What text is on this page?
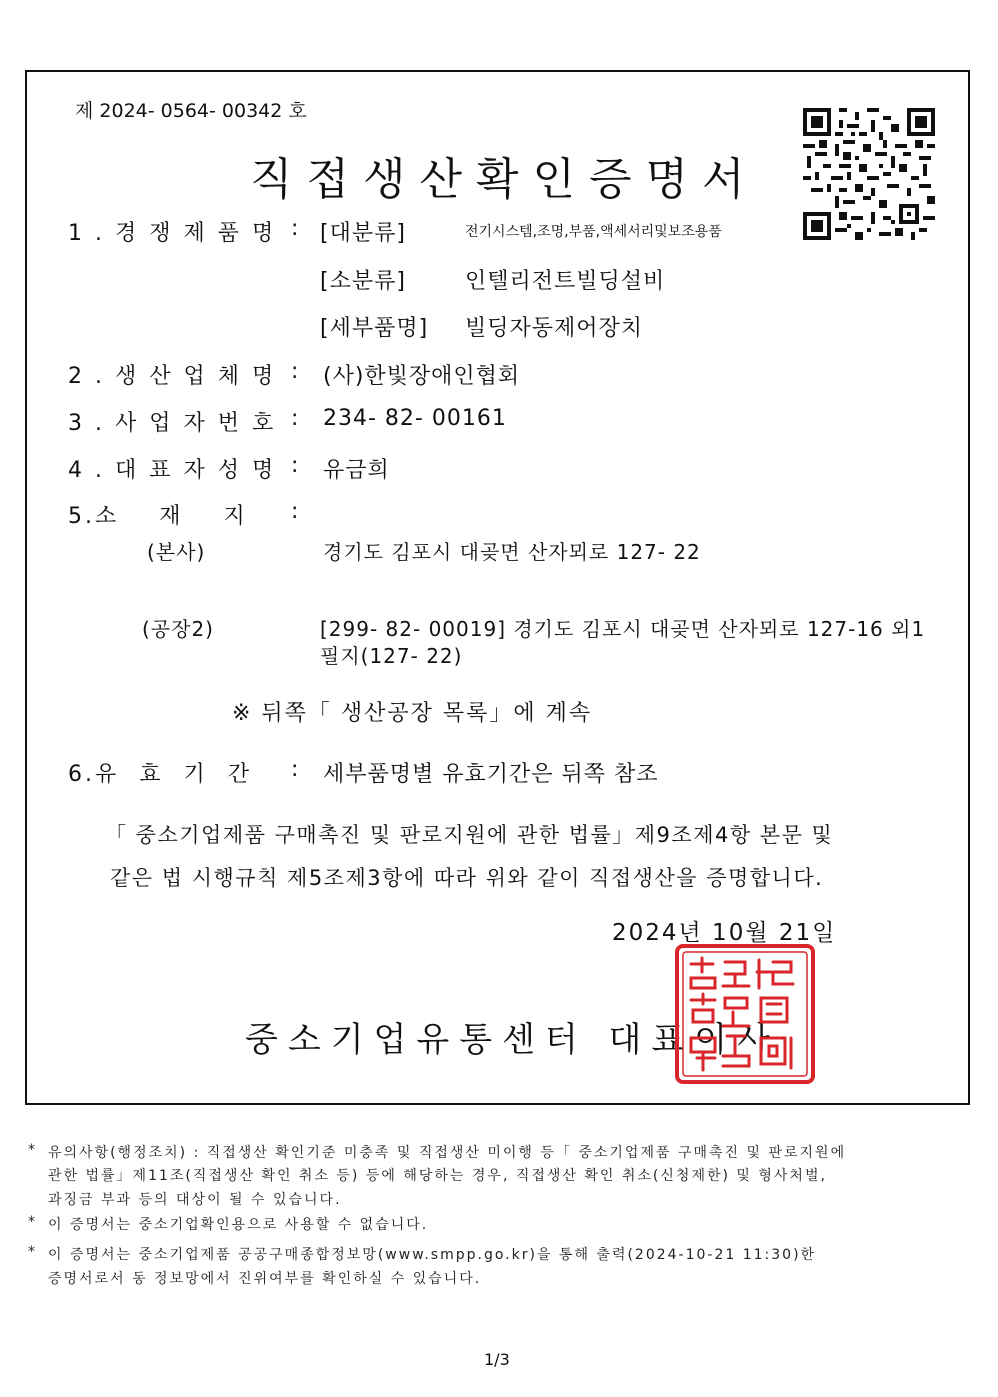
제 2024- 0564- 00342 호
직접생산확인증명서
1.경쟁제품명 : [대분류]	전기시스템,조명,부품,액세서리및보조용품
[소분류]	인텔리전트빌딩설비
[세부품명] 빌딩자동제어장치
2.생산업체명 : (사)한빛장애인협회
3.사업자번호 : 234- 82- 00161
4.대표자성명 : 유금희
5.소    재    지 :
(본사)	경기도 김포시 대곶면 산자뫼로 127- 22
(공장2)	[299- 82- 00019] 경기도 김포시 대곶면 산자뫼로 127-16 외1
필지(127- 22)
※ 뒤쪽「 생산공장 목록」에 계속
6.유  효  기  간 : 세부품명별 유효기간은 뒤쪽 참조
「 중소기업제품 구매촉진 및 판로지원에 관한 법률」제9조제4항 본문 및
같은 법 시행규칙 제5조제3항에 따라 위와 같이 직접생산을 증명합니다.
2024년 10월 21일
중소기업유통센터 대표이사
* 유의사항(행정조치) : 직접생산 확인기준 미충족 및 직접생산 미이행 등「 중소기업제품 구매촉진 및 판로지원에
관한 법률」제11조(직접생산 확인 취소 등) 등에 해당하는 경우, 직접생산 확인 취소(신청제한) 및 형사처벌,
과징금 부과 등의 대상이 될 수 있습니다.
* 이 증명서는 중소기업확인용으로 사용할 수 없습니다.
* 이 증명서는 중소기업제품 공공구매종합정보망(www.smpp.go.kr)을 통해 출력(2024-10-21 11:30)한
증명서로서 동 정보망에서 진위여부를 확인하실 수 있습니다.
1/3
